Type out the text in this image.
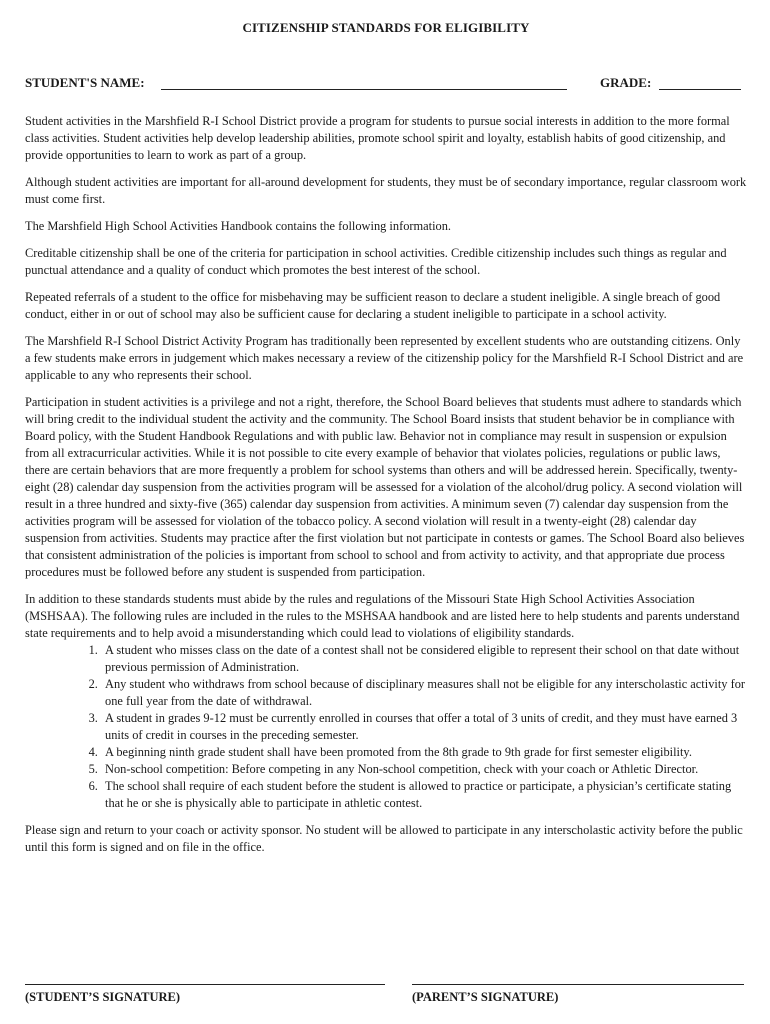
CITIZENSHIP STANDARDS FOR ELIGIBILITY
STUDENT'S NAME:	GRADE:

Student activities in the Marshfield R-I School District provide a program for students to pursue social interests in addition to the more formal class activities. Student activities help develop leadership abilities, promote school spirit and loyalty, establish habits of good citizenship, and provide opportunities to learn to work as part of a group.

Although student activities are important for all-around development for students, they must be of secondary importance, regular classroom work must come first.

The Marshfield High School Activities Handbook contains the following information.

Creditable citizenship shall be one of the criteria for participation in school activities. Credible citizenship includes such things as regular and punctual attendance and a quality of conduct which promotes the best interest of the school.

Repeated referrals of a student to the office for misbehaving may be sufficient reason to declare a student ineligible. A single breach of good conduct, either in or out of school may also be sufficient cause for declaring a student ineligible to participate in a school activity.

The Marshfield R-I School District Activity Program has traditionally been represented by excellent students who are outstanding citizens. Only a few students make errors in judgement which makes necessary a review of the citizenship policy for the Marshfield R-I School District and are applicable to any who represents their school.

Participation in student activities is a privilege and not a right, therefore, the School Board believes that students must adhere to standards which will bring credit to the individual student the activity and the community. The School Board insists that student behavior be in compliance with Board policy, with the Student Handbook Regulations and with public law. Behavior not in compliance may result in suspension or expulsion from all extracurricular activities. While it is not possible to cite every example of behavior that violates policies, regulations or public laws, there are certain behaviors that are more frequently a problem for school systems than others and will be addressed herein. Specifically, twenty-eight (28) calendar day suspension from the activities program will be assessed for a violation of the alcohol/drug policy. A second violation will result in a three hundred and sixty-five (365) calendar day suspension from activities. A minimum seven (7) calendar day suspension from the activities program will be assessed for violation of the tobacco policy. A second violation will result in a twenty-eight (28) calendar day suspension from activities. Students may practice after the first violation but not participate in contests or games. The School Board also believes that consistent administration of the policies is important from school to school and from activity to activity, and that appropriate due process procedures must be followed before any student is suspended from participation.

In addition to these standards students must abide by the rules and regulations of the Missouri State High School Activities Association (MSHSAA). The following rules are included in the rules to the MSHSAA handbook and are listed here to help students and parents understand state requirements and to help avoid a misunderstanding which could lead to violations of eligibility standards.

1. A student who misses class on the date of a contest shall not be considered eligible to represent their school on that date without previous permission of Administration.
2. Any student who withdraws from school because of disciplinary measures shall not be eligible for any interscholastic activity for one full year from the date of withdrawal.
3. A student in grades 9-12 must be currently enrolled in courses that offer a total of 3 units of credit, and they must have earned 3 units of credit in courses in the preceding semester.
4. A beginning ninth grade student shall have been promoted from the 8th grade to 9th grade for first semester eligibility.
5. Non-school competition: Before competing in any Non-school competition, check with your coach or Athletic Director.
6. The school shall require of each student before the student is allowed to practice or participate, a physician’s certificate stating that he or she is physically able to participate in athletic contest.

Please sign and return to your coach or activity sponsor. No student will be allowed to participate in any interscholastic activity before the public until this form is signed and on file in the office.

(STUDENT’S SIGNATURE)	(PARENT’S SIGNATURE)
